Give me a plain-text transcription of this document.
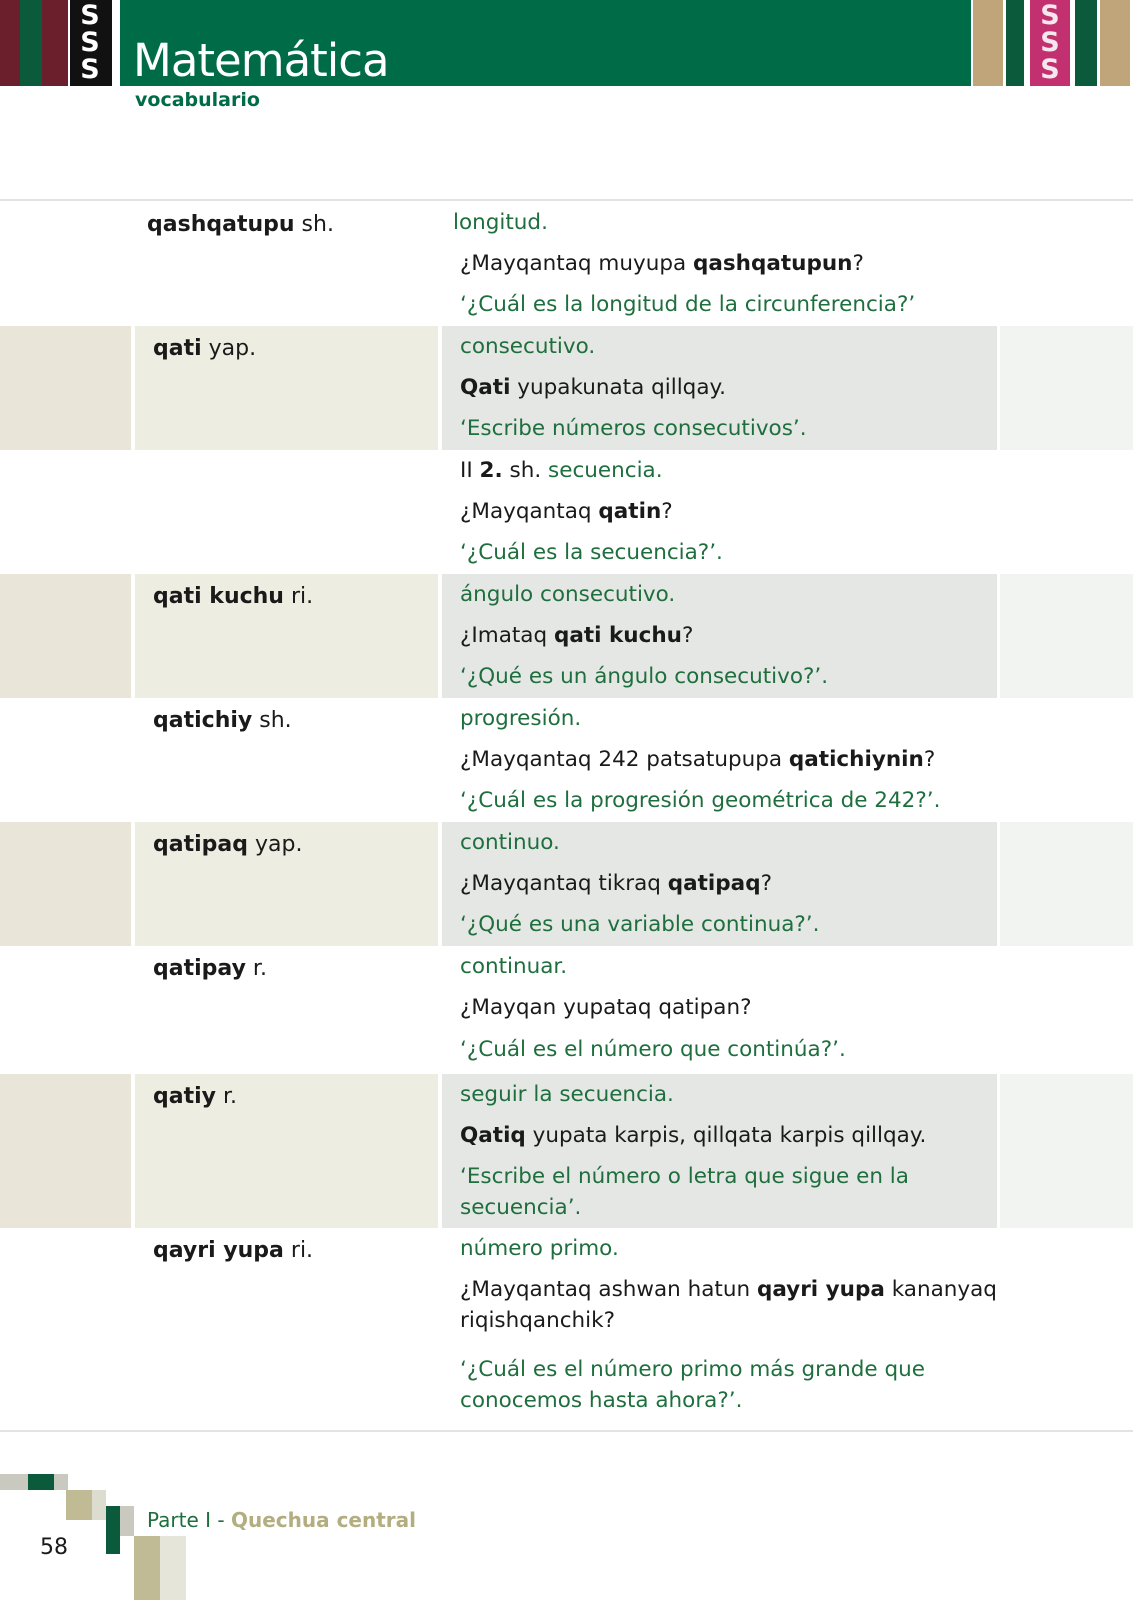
S
S
S Matemática
S
S
S
vocabulario
qashqatupu sh.	longitud.
¿Mayqantaq muyupa qashqatupun?
‘¿Cuál es la longitud de la circunferencia?’
qati yap.	consecutivo.
Qati yupakunata qillqay.
‘Escribe números consecutivos’.
II 2. sh. secuencia.
¿Mayqantaq qatin?
‘¿Cuál es la secuencia?’.
qati kuchu ri.	ángulo consecutivo.
¿Imataq qati kuchu?
‘¿Qué es un ángulo consecutivo?’.
qatichiy sh.	progresión.
¿Mayqantaq 242 patsatupupa qatichiynin?
‘¿Cuál es la progresión geométrica de 242?’.
qatipaq yap.	continuo.
¿Mayqantaq tikraq qatipaq?
‘¿Qué es una variable continua?’.
qatipay r.	continuar.
¿Mayqan yupataq qatipan?
‘¿Cuál es el número que continúa?’.
qatiy r.	seguir la secuencia.
Qatiq yupata karpis, qillqata karpis qillqay.
‘Escribe el número o letra que sigue en la
secuencia’.
qayri yupa ri.	número primo.
¿Mayqantaq ashwan hatun qayri yupa kananyaq
riqishqanchik?
‘¿Cuál es el número primo más grande que
conocemos hasta ahora?’.
58
Parte I - Quechua central
